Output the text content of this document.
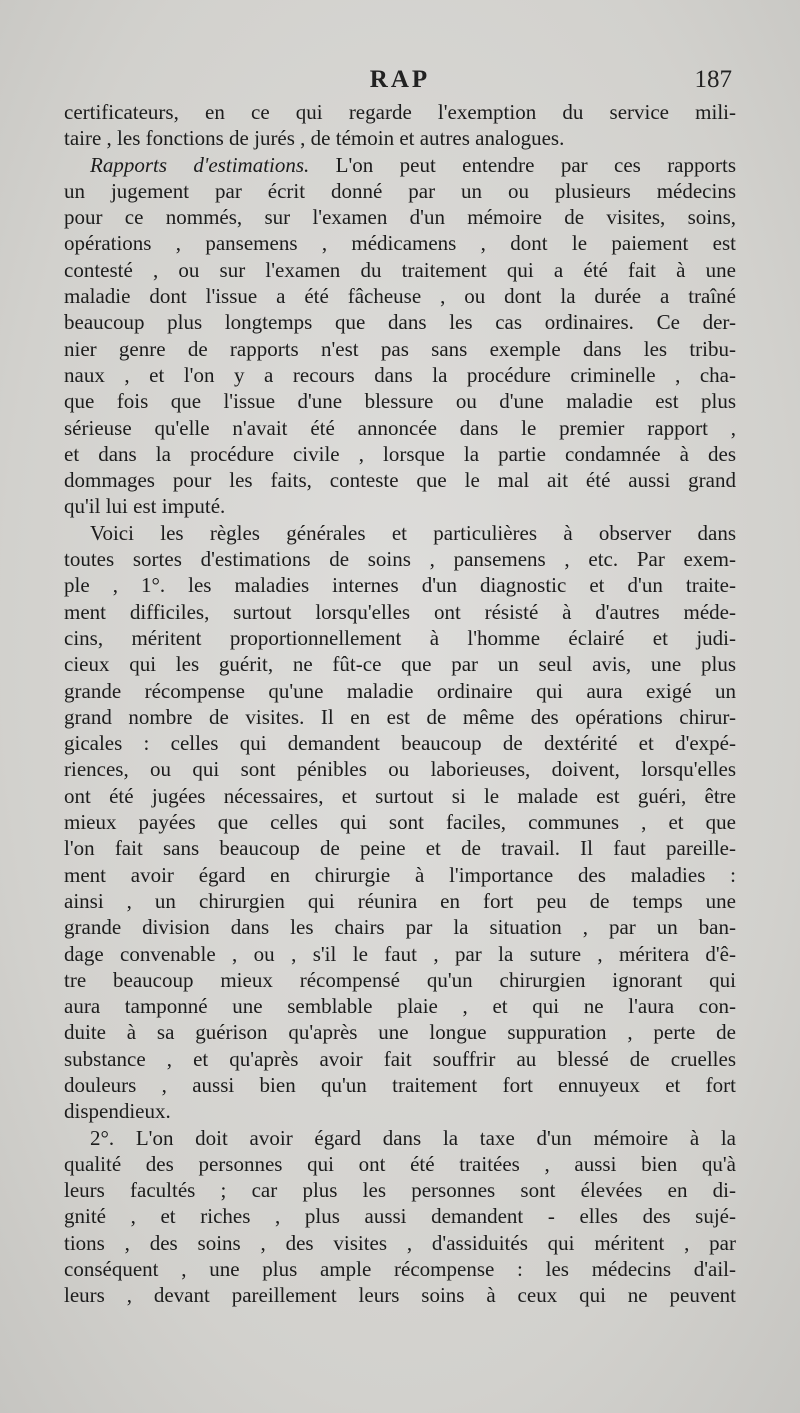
RAP	187
certificateurs, en ce qui regarde l'exemption du service mili-
taire , les fonctions de jurés , de témoin et autres analogues.
Rapports d'estimations. L'on peut entendre par ces rapports
un jugement par écrit donné par un ou plusieurs médecins
pour ce nommés, sur l'examen d'un mémoire de visites, soins,
opérations , pansemens , médicamens , dont le paiement est
contesté , ou sur l'examen du traitement qui a été fait à une
maladie dont l'issue a été fâcheuse , ou dont la durée a traîné
beaucoup plus longtemps que dans les cas ordinaires. Ce der-
nier genre de rapports n'est pas sans exemple dans les tribu-
naux , et l'on y a recours dans la procédure criminelle , cha-
que fois que l'issue d'une blessure ou d'une maladie est plus
sérieuse qu'elle n'avait été annoncée dans le premier rapport ,
et dans la procédure civile , lorsque la partie condamnée à des
dommages pour les faits, conteste que le mal ait été aussi grand
qu'il lui est imputé.
Voici les règles générales et particulières à observer dans
toutes sortes d'estimations de soins , pansemens , etc. Par exem-
ple , 1°. les maladies internes d'un diagnostic et d'un traite-
ment difficiles, surtout lorsqu'elles ont résisté à d'autres méde-
cins, méritent proportionnellement à l'homme éclairé et judi-
cieux qui les guérit, ne fût-ce que par un seul avis, une plus
grande récompense qu'une maladie ordinaire qui aura exigé un
grand nombre de visites. Il en est de même des opérations chirur-
gicales : celles qui demandent beaucoup de dextérité et d'expé-
riences, ou qui sont pénibles ou laborieuses, doivent, lorsqu'elles
ont été jugées nécessaires, et surtout si le malade est guéri, être
mieux payées que celles qui sont faciles, communes , et que
l'on fait sans beaucoup de peine et de travail. Il faut pareille-
ment avoir égard en chirurgie à l'importance des maladies :
ainsi , un chirurgien qui réunira en fort peu de temps une
grande division dans les chairs par la situation , par un ban-
dage convenable , ou , s'il le faut , par la suture , méritera d'ê-
tre beaucoup mieux récompensé qu'un chirurgien ignorant qui
aura tamponné une semblable plaie , et qui ne l'aura con-
duite à sa guérison qu'après une longue suppuration , perte de
substance , et qu'après avoir fait souffrir au blessé de cruelles
douleurs , aussi bien qu'un traitement fort ennuyeux et fort
dispendieux.
2°. L'on doit avoir égard dans la taxe d'un mémoire à la
qualité des personnes qui ont été traitées , aussi bien qu'à
leurs facultés ; car plus les personnes sont élevées en di-
gnité , et riches , plus aussi demandent - elles des sujé-
tions , des soins , des visites , d'assiduités qui méritent , par
conséquent , une plus ample récompense : les médecins d'ail-
leurs , devant pareillement leurs soins à ceux qui ne peuvent
